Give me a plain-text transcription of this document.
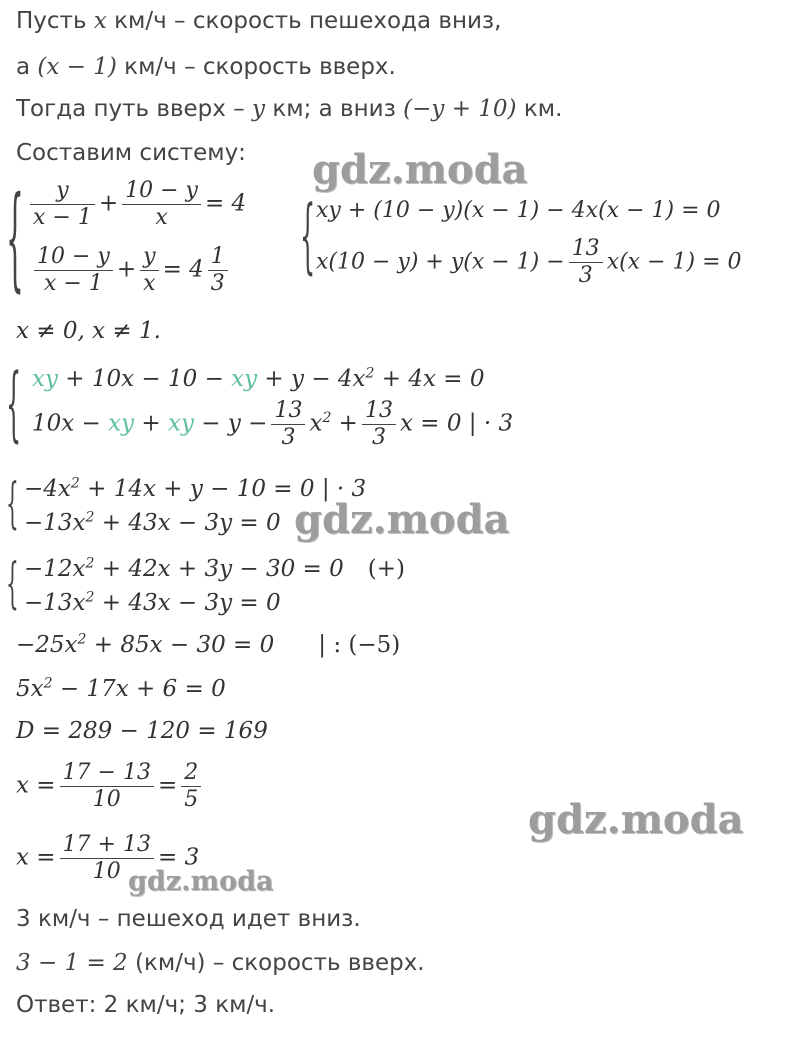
Пусть x км/ч – скорость пешехода вниз,
а (x − 1) км/ч – скорость вверх.
Тогда путь вверх – y км; а вниз (−y + 10) км.
Составим систему:
{ $\frac{y}{x - 1} + \frac{10 - y}{x} = 4$
$\frac{10 - y}{x - 1} + \frac{y}{x} = 4 \frac{1}{3}$	{ xy + (10 − y)(x − 1) − 4x(x − 1) = 0
$x(10 - y) + y(x - 1) - \frac{13}{3} x(x - 1) = 0$
x ≠ 0, x ≠ 1.
{ xy + 10x − 10 − xy + $y - 4x^2 + 4x = 0$
10x − xy + xy − $y - \frac{13}{3} x^2 + \frac{13}{3}$ x = 0 | · 3
{ $-4x^2 + 14x + y - 10 = 0$ | · 3
$-13x^2 + 43x - 3y = 0$
{ $-12x^2 + 42x + 3y - 30 = 0$ (+)
$-13x^2 + 43x - 3y = 0$
$-25x^2 + 85x - 30 = 0$ | : (−5)
$5x^2 - 17x + 6 = 0$
D = 289 − 120 = 169
$x = \frac{17 - 13}{10} = \frac{2}{5}$
$x = \frac{17 + 13}{10} = 3$
3 км/ч – пешеход идет вниз.
3 − 1 = 2 (км/ч) – скорость вверх.
Ответ: 2 км/ч; 3 км/ч.
gdz.moda
gdz.moda
gdz.moda
gdz.moda
